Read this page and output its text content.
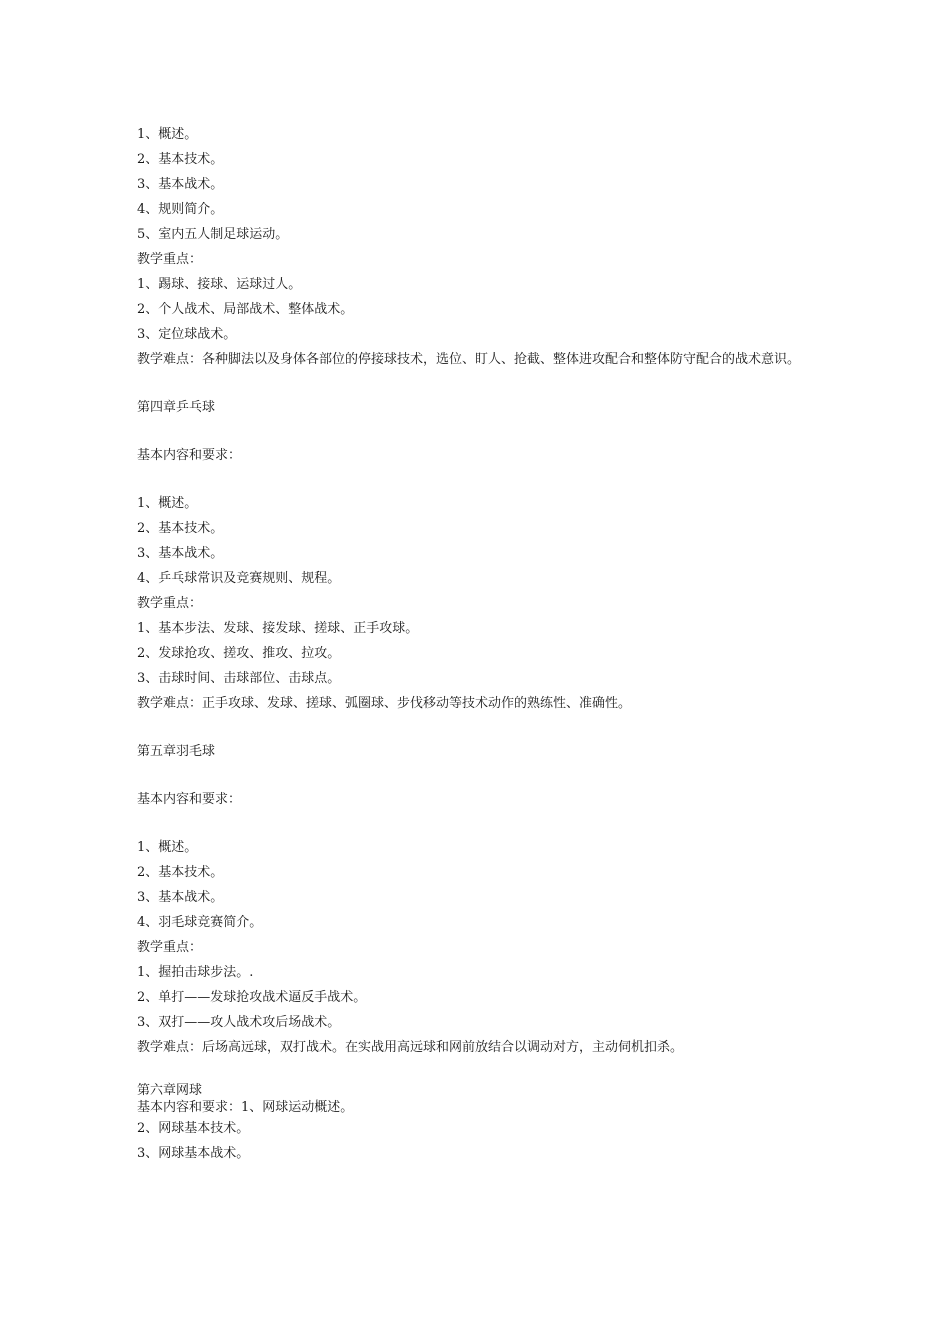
1、概述。
2、基本技术。
3、基本战术。
4、规则简介。
5、室内五人制足球运动。
教学重点：
1、踢球、接球、运球过人。
2、个人战术、局部战术、整体战术。
3、定位球战术。
教学难点：各种脚法以及身体各部位的停接球技术，选位、盯人、抢截、整体进攻配合和整体防守配合的战术意识。
第四章乒乓球
基本内容和要求：
1、概述。
2、基本技术。
3、基本战术。
4、乒乓球常识及竞赛规则、规程。
教学重点：
1、基本步法、发球、接发球、搓球、正手攻球。
2、发球抢攻、搓攻、推攻、拉攻。
3、击球时间、击球部位、击球点。
教学难点：正手攻球、发球、搓球、弧圈球、步伐移动等技术动作的熟练性、准确性。
第五章羽毛球
基本内容和要求：
1、概述。
2、基本技术。
3、基本战术。
4、羽毛球竞赛简介。
教学重点：
1、握拍击球步法。.
2、单打——发球抢攻战术逼反手战术。
3、双打——攻人战术攻后场战术。
教学难点：后场高远球，双打战术。在实战用高远球和网前放结合以调动对方，主动伺机扣杀。
第六章网球
基本内容和要求：1、网球运动概述。
2、网球基本技术。
3、网球基本战术。
